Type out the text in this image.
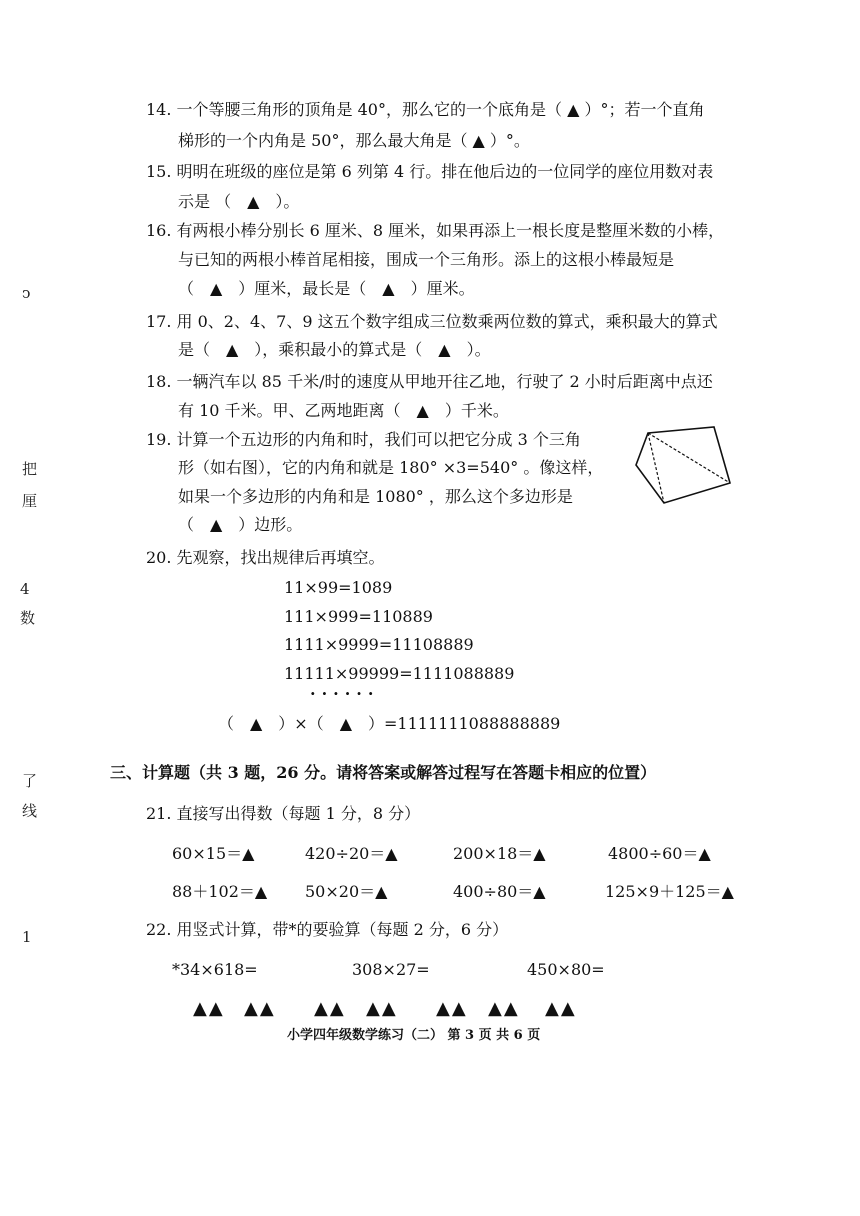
ↄ
把
厘
4
数
了
线
1
14. 一个等腰三角形的顶角是 40°，那么它的一个底角是（ ▲ ）°；若一个直角
梯形的一个内角是 50°，那么最大角是（ ▲ ）°。
15. 明明在班级的座位是第 6 列第 4 行。排在他后边的一位同学的座位用数对表
示是 （　▲　）。
16. 有两根小棒分别长 6 厘米、8 厘米，如果再添上一根长度是整厘米数的小棒，
与已知的两根小棒首尾相接，围成一个三角形。添上的这根小棒最短是
（　▲　）厘米，最长是（　▲　）厘米。
17. 用 0、2、4、7、9 这五个数字组成三位数乘两位数的算式，乘积最大的算式
是（　▲　），乘积最小的算式是（　▲　）。
18. 一辆汽车以 85 千米/时的速度从甲地开往乙地，行驶了 2 小时后距离中点还
有 10 千米。甲、乙两地距离（　▲　）千米。
19. 计算一个五边形的内角和时，我们可以把它分成 3 个三角
形（如右图），它的内角和就是 180° ×3=540° 。像这样，
如果一个多边形的内角和是 1080° ，那么这个多边形是
（　▲　）边形。
20. 先观察，找出规律后再填空。
11×99=1089
111×999=110889
1111×9999=11108889
11111×99999=1111088889
······
（　▲　）×（　▲　）=1111111088888889
三、计算题（共 3 题，26 分。请将答案或解答过程写在答题卡相应的位置）
21. 直接写出得数（每题 1 分，8 分）
60×15＝▲	420÷20＝▲	200×18＝▲	4800÷60＝▲
88＋102＝▲ 50×20＝▲	400÷80＝▲	125×9＋125＝▲
22. 用竖式计算，带*的要验算（每题 2 分，6 分）
*34×618=	308×27=	450×80=
▲▲ ▲▲ ▲▲ ▲▲ ▲▲ ▲▲ ▲▲
小学四年级数学练习（二） 第 3 页 共 6 页
